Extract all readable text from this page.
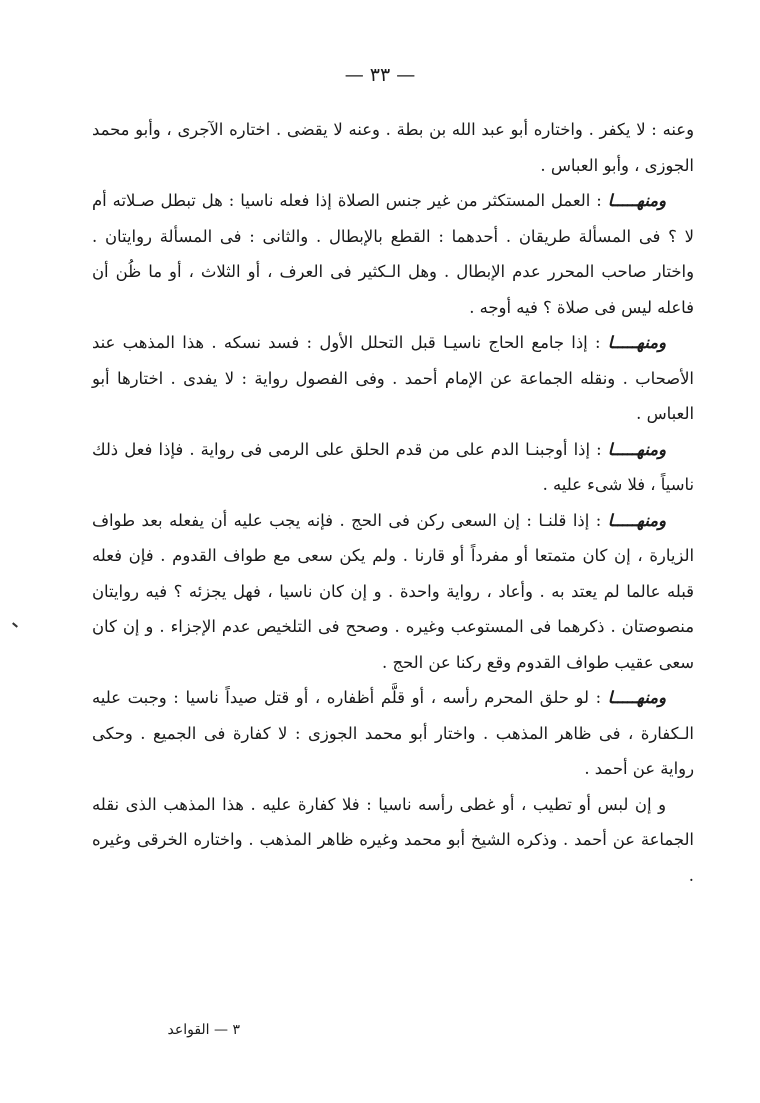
— ٣٣ —

وعنه : لا يكفر . واختاره أبو عبد الله بن بطة . وعنه لا يقضى . اختاره الآجرى ، وأبو محمد الجوزى ، وأبو العباس .

ومنهـــــا : العمل المستكثر من غير جنس الصلاة إذا فعله ناسيا : هل تبطل صـلاته أم لا ؟ فى المسألة طريقان . أحدهما : القطع بالإبطال . والثانى : فى المسألة روايتان . واختار صاحب المحرر عدم الإبطال . وهل الـكثير فى العرف ، أو الثلاث ، أو ما ظُن أن فاعله ليس فى صلاة ؟ فيه أوجه .

ومنهـــــا : إذا جامع الحاج ناسيـا قبل التحلل الأول : فسد نسكه . هذا المذهب عند الأصحاب . ونقله الجماعة عن الإمام أحمد . وفى الفصول رواية : لا يفدى . اختارها أبو العباس .

ومنهـــــا : إذا أوجبنـا الدم على من قدم الحلق على الرمى فى رواية . فإذا فعل ذلك ناسياً ، فلا شىء عليه .

ومنهـــــا : إذا قلنـا : إن السعى ركن فى الحج . فإنه يجب عليه أن يفعله بعد طواف الزيارة ، إن كان متمتعا أو مفرداً أو قارنا . ولم يكن سعى مع طواف القدوم . فإن فعله قبله عالما لم يعتد به . وأعاد ، رواية واحدة . و إن كان ناسيا ، فهل يجزئه ؟ فيه روايتان منصوصتان . ذكرهما فى المستوعب وغيره . وصحح فى التلخيص عدم الإجزاء . و إن كان سعى عقيب طواف القدوم وقع ركنا عن الحج .

ومنهـــــا : لو حلق المحرم رأسه ، أو قلَّم أظفاره ، أو قتل صيداً ناسيا : وجبت عليه الـكفارة ، فى ظاهر المذهب . واختار أبو محمد الجوزى : لا كفارة فى الجميع . وحكى رواية عن أحمد .

و إن لبس أو تطيب ، أو غطى رأسه ناسيا : فلا كفارة عليه . هذا المذهب الذى نقله الجماعة عن أحمد . وذكره الشيخ أبو محمد وغيره ظاهر المذهب . واختاره الخرقى وغيره .

٣ — القواعد
